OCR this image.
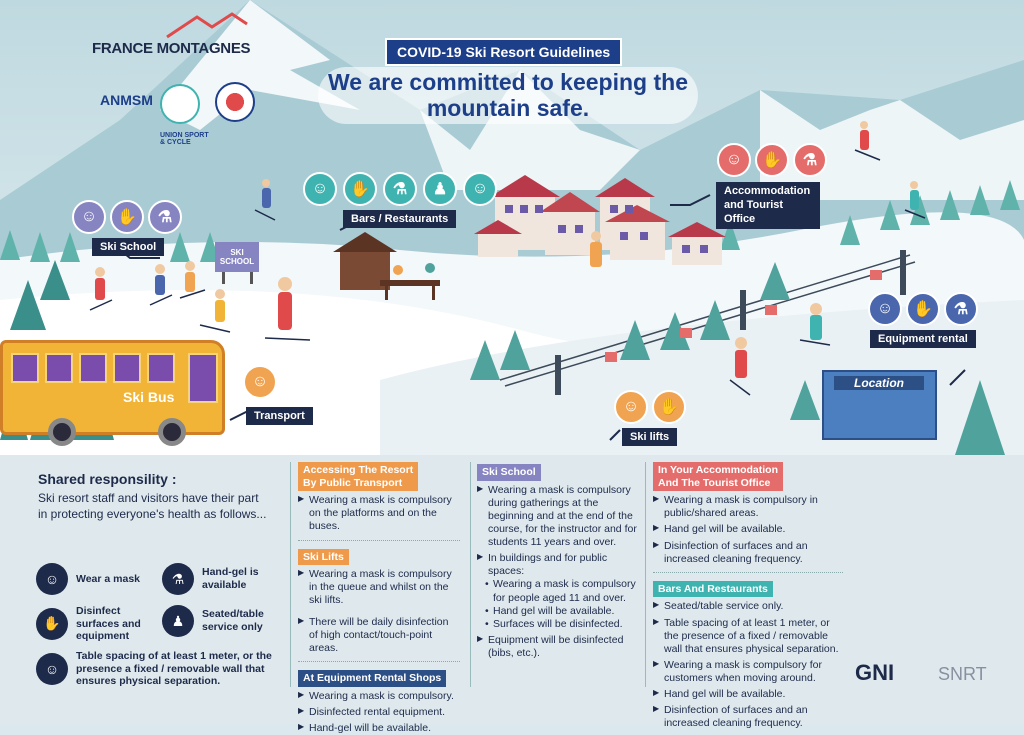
FRANCE MONTAGNES
ANMSM
UNION SPORT & CYCLE
COVID-19 Ski Resort Guidelines
We are committed to keeping the mountain safe.
☺	✋	⚗
Ski School	SKI SCHOOL
☺	✋	⚗	♟	☺
Bars / Restaurants
☺	✋	⚗
Accommodation and Tourist Office
☺	✋	⚗
Equipment rental
☺
Transport
☺	✋
Ski lifts
Ski Bus
Location
Shared responsility :
Ski resort staff and visitors have their part in protecting everyone's health as follows...
☺	Wear a mask	⚗	Hand-gel is available
✋
Disinfect surfaces and equipment
♟	Seated/table service only
☺
Table spacing of at least 1 meter, or the presence a fixed / removable wall that ensures physical separation.
Accessing The Resort
By Public Transport
▶ Wearing a mask is compulsory on the platforms and on the buses.
Ski Lifts
▶ Wearing a mask is compulsory in the queue and whilst on the ski lifts.
▶ There will be daily disinfection of high contact/touch-point areas.
At Equipment Rental Shops
▶ Wearing a mask is compulsory.
▶ Disinfected rental equipment.
▶ Hand-gel will be available.
Ski School
▶ Wearing a mask is compulsory during gatherings at the beginning and at the end of the course, for the instructor and for students 11 years and over.
▶ In buildings and for public spaces:
• Wearing a mask is compulsory for people aged 11 and over.
• Hand gel will be available.
• Surfaces will be disinfected.
▶ Equipment will be disinfected (bibs, etc.).
In Your Accommodation
And The Tourist Office
▶ Wearing a mask is compulsory in public/shared areas.
▶ Hand gel will be available.
▶ Disinfection of surfaces and an increased cleaning frequency.
Bars And Restaurants
▶ Seated/table service only.
▶ Table spacing of at least 1 meter, or the presence of a fixed / removable wall that ensures physical separation.
▶ Wearing a mask is compulsory for customers when moving around.
▶ Hand gel will be available.
▶ Disinfection of surfaces and an increased cleaning frequency.
GNI SNRT
